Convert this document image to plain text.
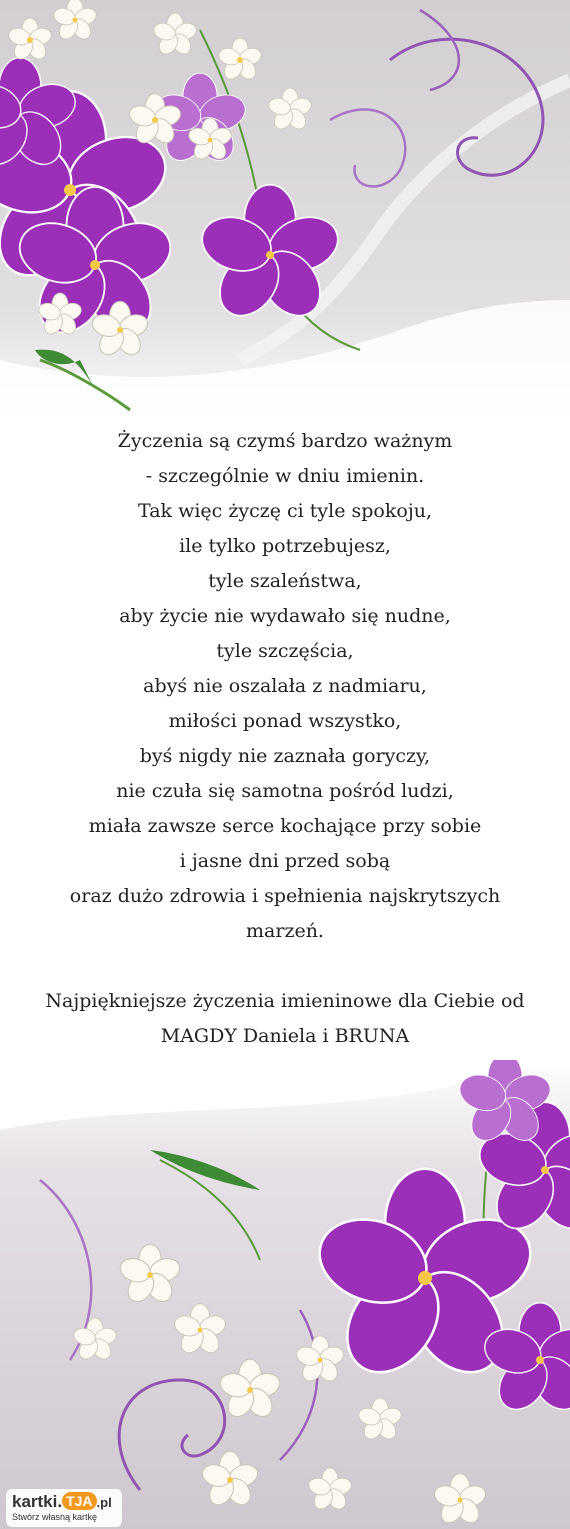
Życzenia są czymś bardzo ważnym
- szczególnie w dniu imienin.
Tak więc życzę ci tyle spokoju,
ile tylko potrzebujesz,
tyle szaleństwa,
aby życie nie wydawało się nudne,
tyle szczęścia,
abyś nie oszalała z nadmiaru,
miłości ponad wszystko,
byś nigdy nie zaznała goryczy,
nie czuła się samotna pośród ludzi,
miała zawsze serce kochające przy sobie
i jasne dni przed sobą
oraz dużo zdrowia i spełnienia najskrytszych
marzeń.
Najpiękniejsze życzenia imieninowe dla Ciebie od
MAGDY Daniela i BRUNA
kartki. TJA .pl
Stwórz własną kartkę
